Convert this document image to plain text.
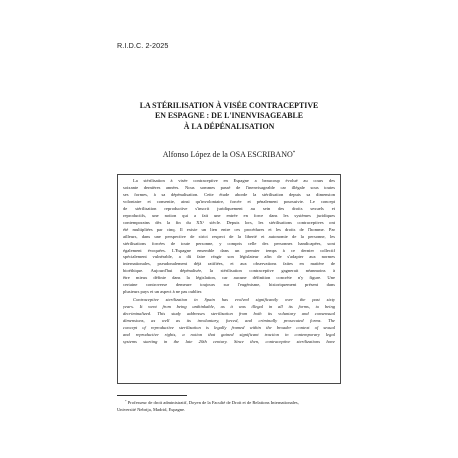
R.I.D.C. 2-2025
LA STÉRILISATION À VISÉE CONTRACEPTIVE
EN ESPAGNE : DE L'INENVISAGEABLE
À LA DÉPÉNALISATION
Alfonso López de la OSA ESCRIBANO*
La stérilisation à visée contraceptive en Espagne a beaucoup évolué au cours des
soixante dernières années. Nous sommes passé de l'inenvisageable car illégale sous toutes
ses formes, à sa dépénalisation. Cette étude aborde la stérilisation depuis sa dimension
volontaire et consentie, ainsi qu'involontaire, forcée et pénalement poursuivie. Le concept
de stérilisation reproductive s'inscrit juridiquement au sein des droits sexuels et
reproductifs, une notion qui a fait une entrée en force dans les systèmes juridiques
contemporains dès la fin du XXᵉ siècle. Depuis lors, les stérilisations contraceptives ont
été multipliées par cinq. Il existe un lien entre ces procédures et les droits de l'homme. Par
ailleurs, dans une perspective de strict respect de la liberté et autonomie de la personne, les
stérilisations forcées de toute personne, y compris celle des personnes handicapées, sont
également évoquées. L'Espagne ensemble dans un premier temps à ce dernier collectif
spécialement vulnérable, a dû faire réagir son législateur afin de s'adapter aux normes
internationales, pseudonalement déjà ratifiées, et aux observations faites en matière de
bioéthique. Aujourd'hui dépénalisée, la stérilisation contraceptive gagnerait néanmoins à
être mieux définie dans la législation, car aucune définition concrète n'y figure. Une
certaine controverse demeure toujours sur l'eugénisme, historiquement présent dans
plusieurs pays et un aspect à ne pas oublier.
Contraceptive sterilization in Spain has evolved significantly over the past sixty
years. It went from being unthinkable, as it was illegal in all its forms, to being
decriminalized. This study addresses sterilization from both its voluntary and consensual
dimensions, as well as its involuntary, forced, and criminally prosecuted forms. The
concept of reproductive sterilization is legally framed within the broader context of sexual
and reproductive rights, a notion that gained significant traction in contemporary legal
systems starting in the late 20th century. Since then, contraceptive sterilizations have
* Professeur de droit administratif, Doyen de la Faculté de Droit et de Relations Internationales,
Université Nebrija, Madrid, Espagne.
